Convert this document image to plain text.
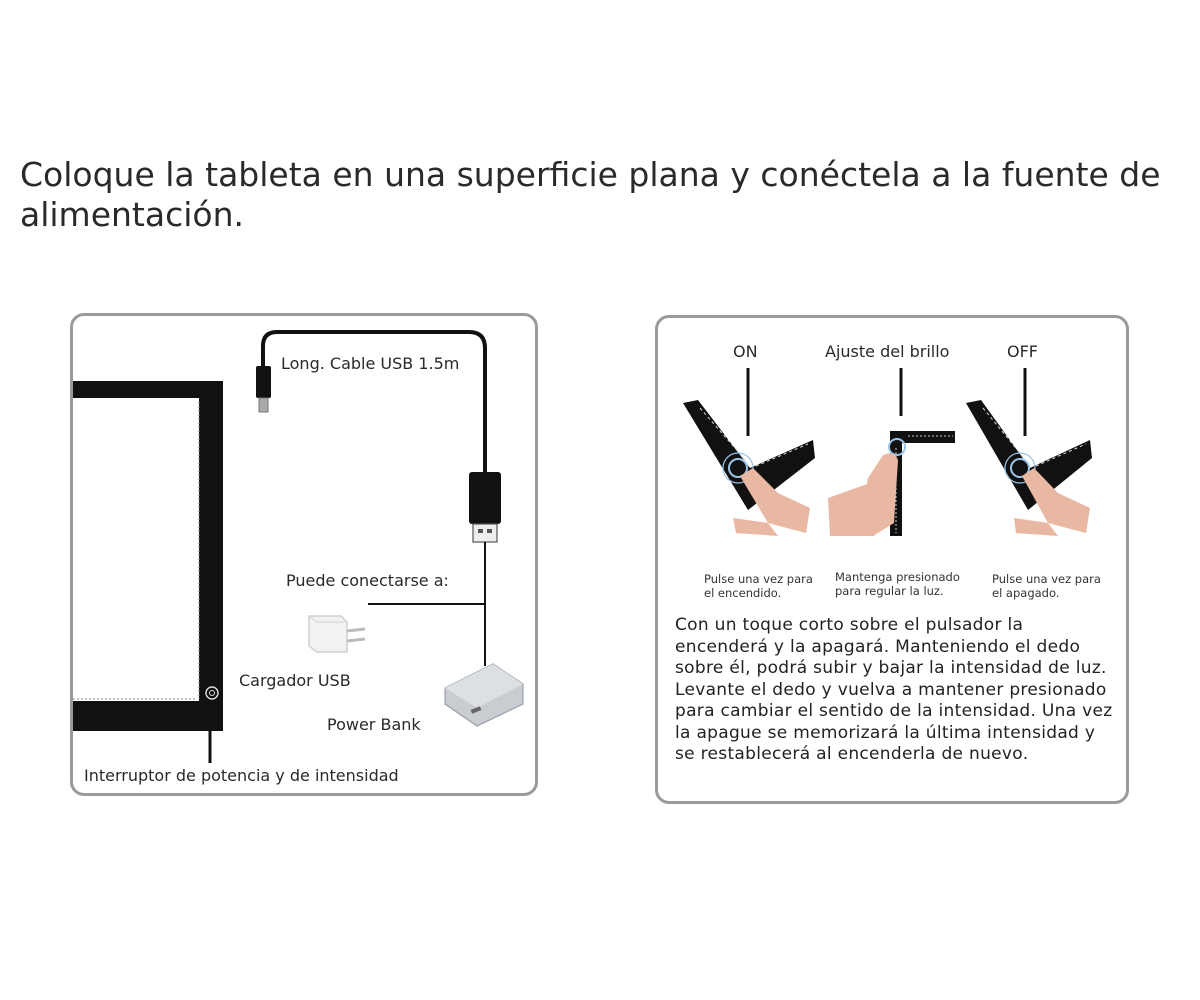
Coloque la tableta en una superficie plana y conéctela a la fuente de alimentación.
Long. Cable USB 1.5m
Puede conectarse a:
Cargador USB
Power Bank
Interruptor de potencia y de intensidad
ON	Ajuste del brillo	OFF
Pulse una vez para el encendido.
Mantenga presionado para regular la luz.
Pulse una vez para el apagado.
Con un toque corto sobre el pulsador la encenderá y la apagará. Manteniendo el dedo sobre él, podrá subir y bajar la intensidad de luz. Levante el dedo y vuelva a mantener presionado para cambiar el sentido de la intensidad. Una vez la apague se memorizará la última intensidad y se restablecerá al encenderla de nuevo.
